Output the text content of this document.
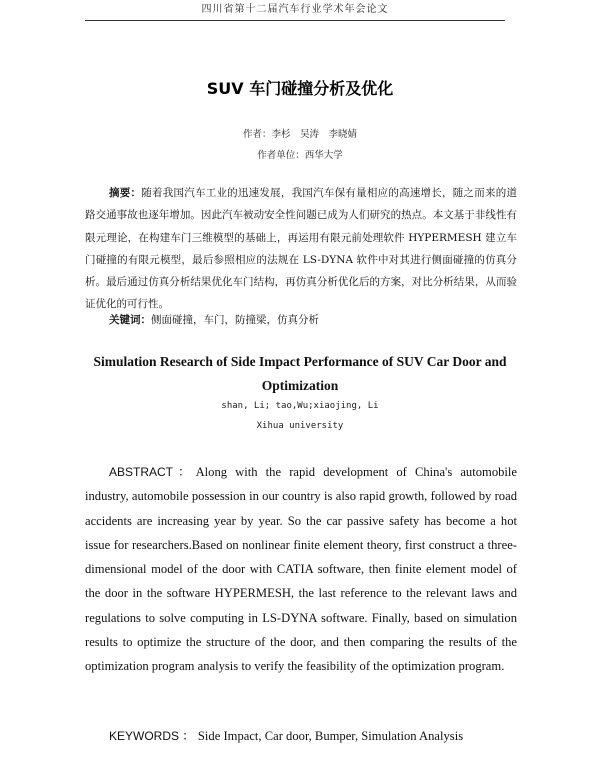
四川省第十二届汽车行业学术年会论文
SUV 车门碰撞分析及优化
作者：李杉　吴涛　李晓婧
作者单位：西华大学
摘要：随着我国汽车工业的迅速发展，我国汽车保有量相应的高速增长，随之而来的道路交通事故也逐年增加。因此汽车被动安全性问题已成为人们研究的热点。本文基于非线性有限元理论，在构建车门三维模型的基础上，再运用有限元前处理软件 HYPERMESH 建立车门碰撞的有限元模型，最后参照相应的法规在 LS-DYNA 软件中对其进行侧面碰撞的仿真分析。最后通过仿真分析结果优化车门结构，再仿真分析优化后的方案，对比分析结果，从而验证优化的可行性。
关键词：侧面碰撞，车门，防撞梁，仿真分析
Simulation Research of Side Impact Performance of SUV Car Door and Optimization
shan, Li; tao,Wu;xiaojing, Li
Xihua university
ABSTRACT：Along with the rapid development of China's automobile industry, automobile possession in our country is also rapid growth, followed by road accidents are increasing year by year. So the car passive safety has become a hot issue for researchers.Based on nonlinear finite element theory, first construct a three-dimensional model of the door with CATIA software, then finite element model of the door in the software HYPERMESH, the last reference to the relevant laws and regulations to solve computing in LS-DYNA software. Finally, based on simulation results to optimize the structure of the door, and then comparing the results of the optimization program analysis to verify the feasibility of the optimization program.
KEYWORDS ： Side Impact, Car door, Bumper, Simulation Analysis
